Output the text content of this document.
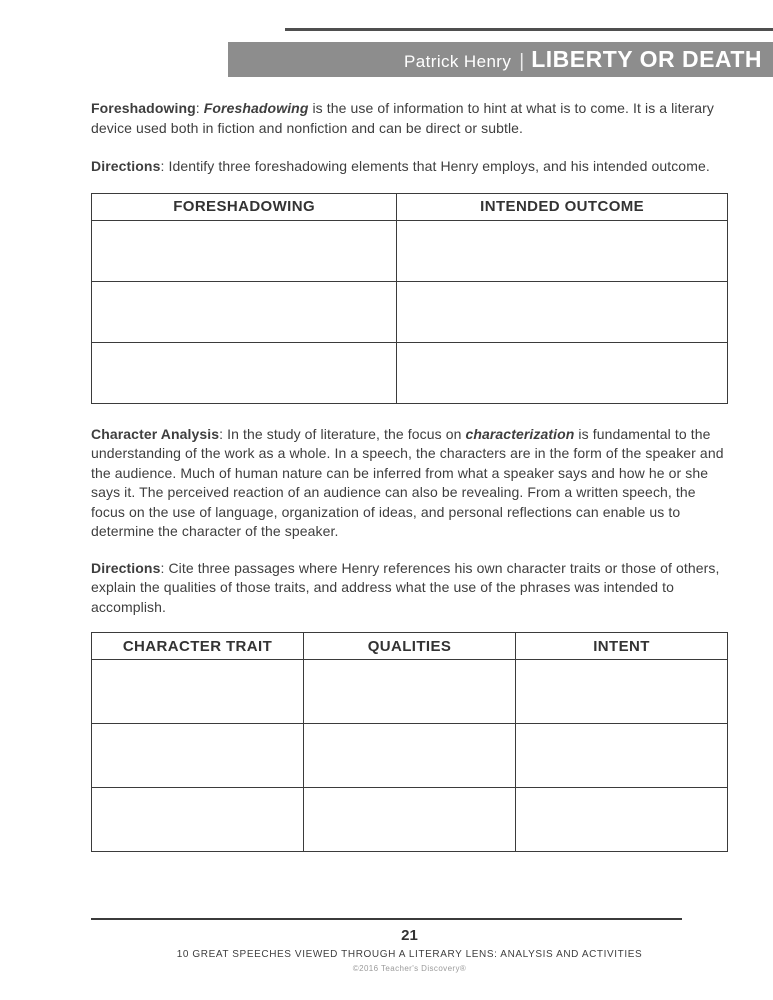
Patrick Henry | LIBERTY OR DEATH

Foreshadowing: Foreshadowing is the use of information to hint at what is to come. It is a literary device used both in fiction and nonfiction and can be direct or subtle.

Directions: Identify three foreshadowing elements that Henry employs, and his intended outcome.

FORESHADOWING	INTENDED OUTCOME

Character Analysis: In the study of literature, the focus on characterization is fundamental to the understanding of the work as a whole. In a speech, the characters are in the form of the speaker and the audience. Much of human nature can be inferred from what a speaker says and how he or she says it. The perceived reaction of an audience can also be revealing. From a written speech, the focus on the use of language, organization of ideas, and personal reflections can enable us to determine the character of the speaker.

Directions: Cite three passages where Henry references his own character traits or those of others, explain the qualities of those traits, and address what the use of the phrases was intended to accomplish.

CHARACTER TRAIT	QUALITIES	INTENT

21
10 GREAT SPEECHES VIEWED THROUGH A LITERARY LENS: ANALYSIS AND ACTIVITIES
©2016 Teacher's Discovery®
